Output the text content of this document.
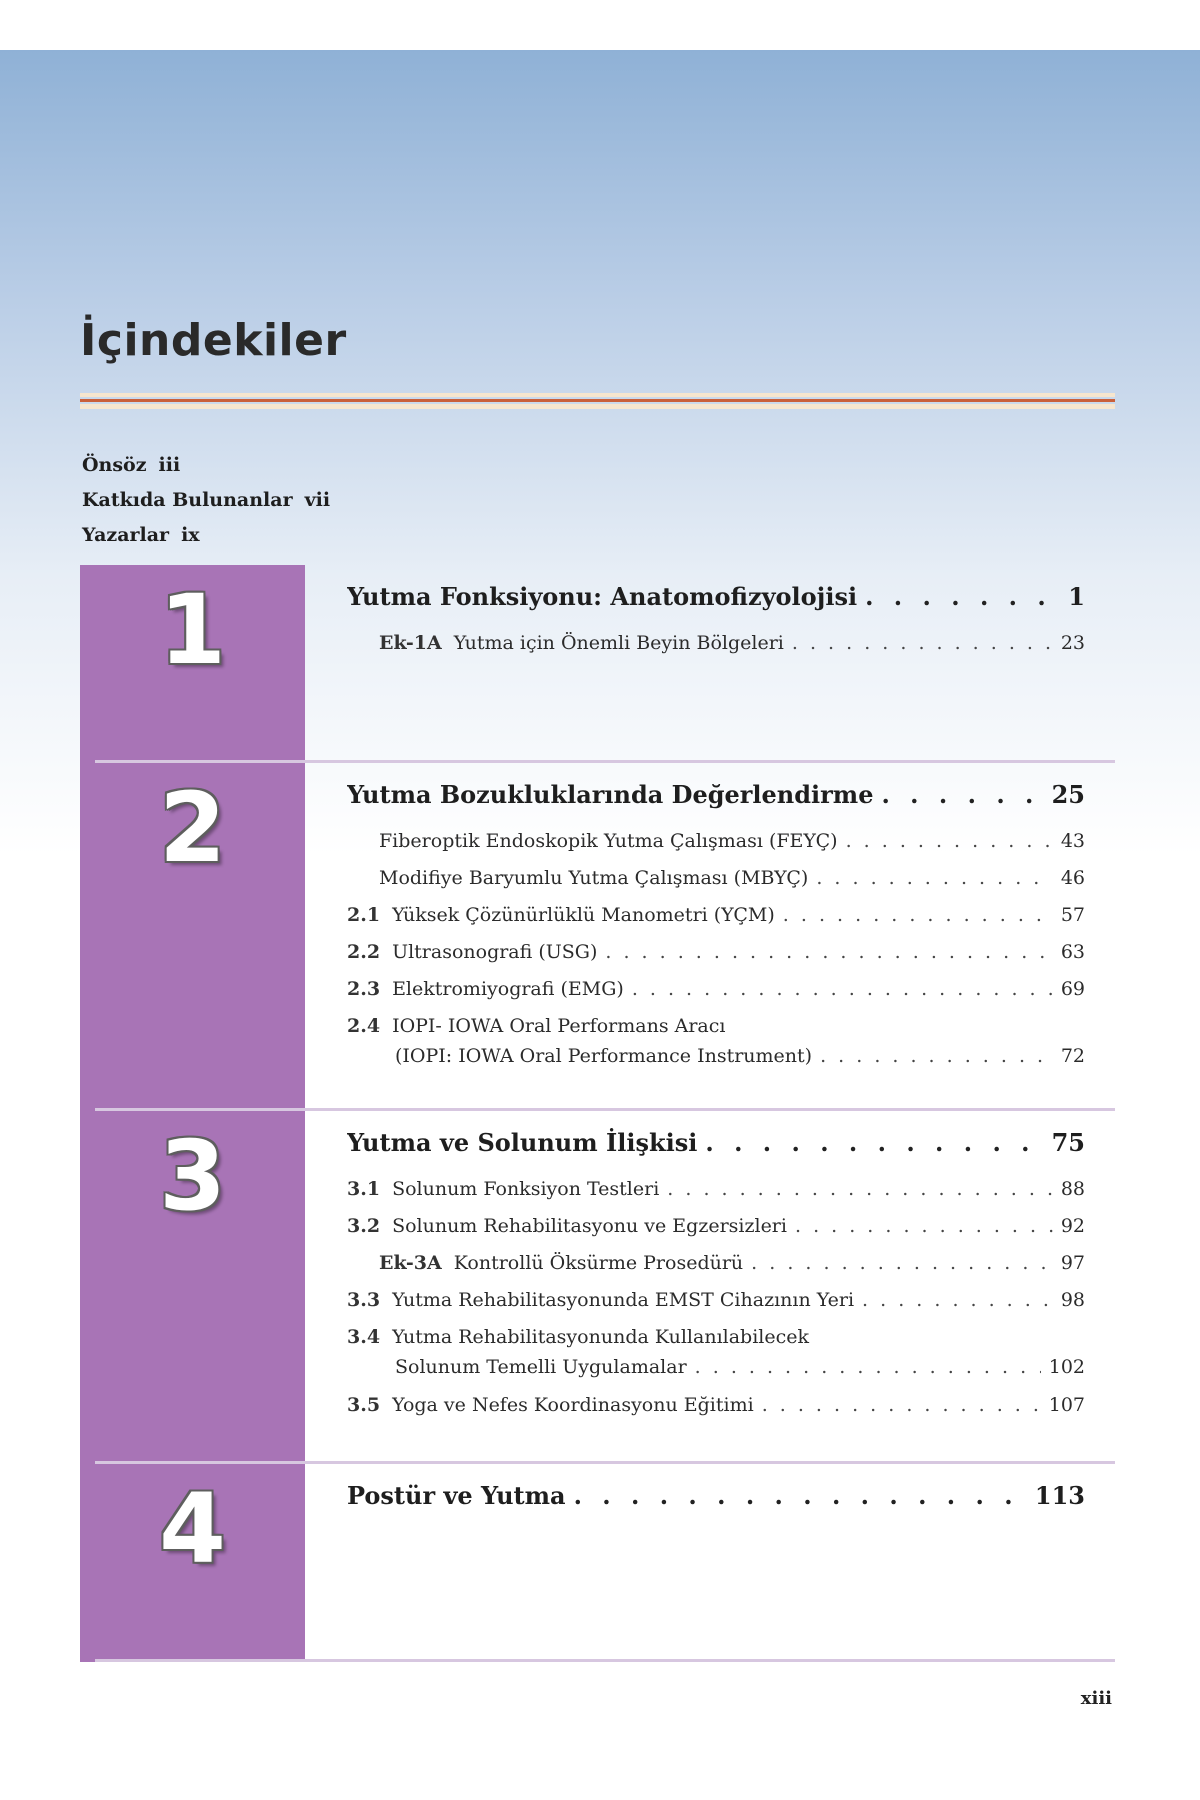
İçindekiler
Önsöz iii
Katkıda Bulunanlar vii
Yazarlar ix
1	Yutma Fonksiyonu: Anatomofizyolojisi . . .	1
Ek-1A Yutma için Önemli Beyin Bölgeleri . . .	23
2	Yutma Bozukluklarında Değerlendirme . . .	25
Fiberoptik Endoskopik Yutma Çalışması (FEYÇ) . . .	43
Modifiye Baryumlu Yutma Çalışması (MBYÇ) . . .	46
2.1 Yüksek Çözünürlüklü Manometri (YÇM) . . .	57
2.2 Ultrasonografi (USG) . . .	63
2.3 Elektromiyografi (EMG) . . .	69
2.4 IOPI- IOWA Oral Performans Aracı
(IOPI: IOWA Oral Performance Instrument) . . .	72
3	Yutma ve Solunum İlişkisi . . .	75
3.1 Solunum Fonksiyon Testleri . . .	88
3.2 Solunum Rehabilitasyonu ve Egzersizleri . . .	92
Ek-3A Kontrollü Öksürme Prosedürü . . .	97
3.3 Yutma Rehabilitasyonunda EMST Cihazının Yeri . . .	98
3.4 Yutma Rehabilitasyonunda Kullanılabilecek
Solunum Temelli Uygulamalar . . .	102
3.5 Yoga ve Nefes Koordinasyonu Eğitimi . . .	107
4	Postür ve Yutma . . .	113
xiii
